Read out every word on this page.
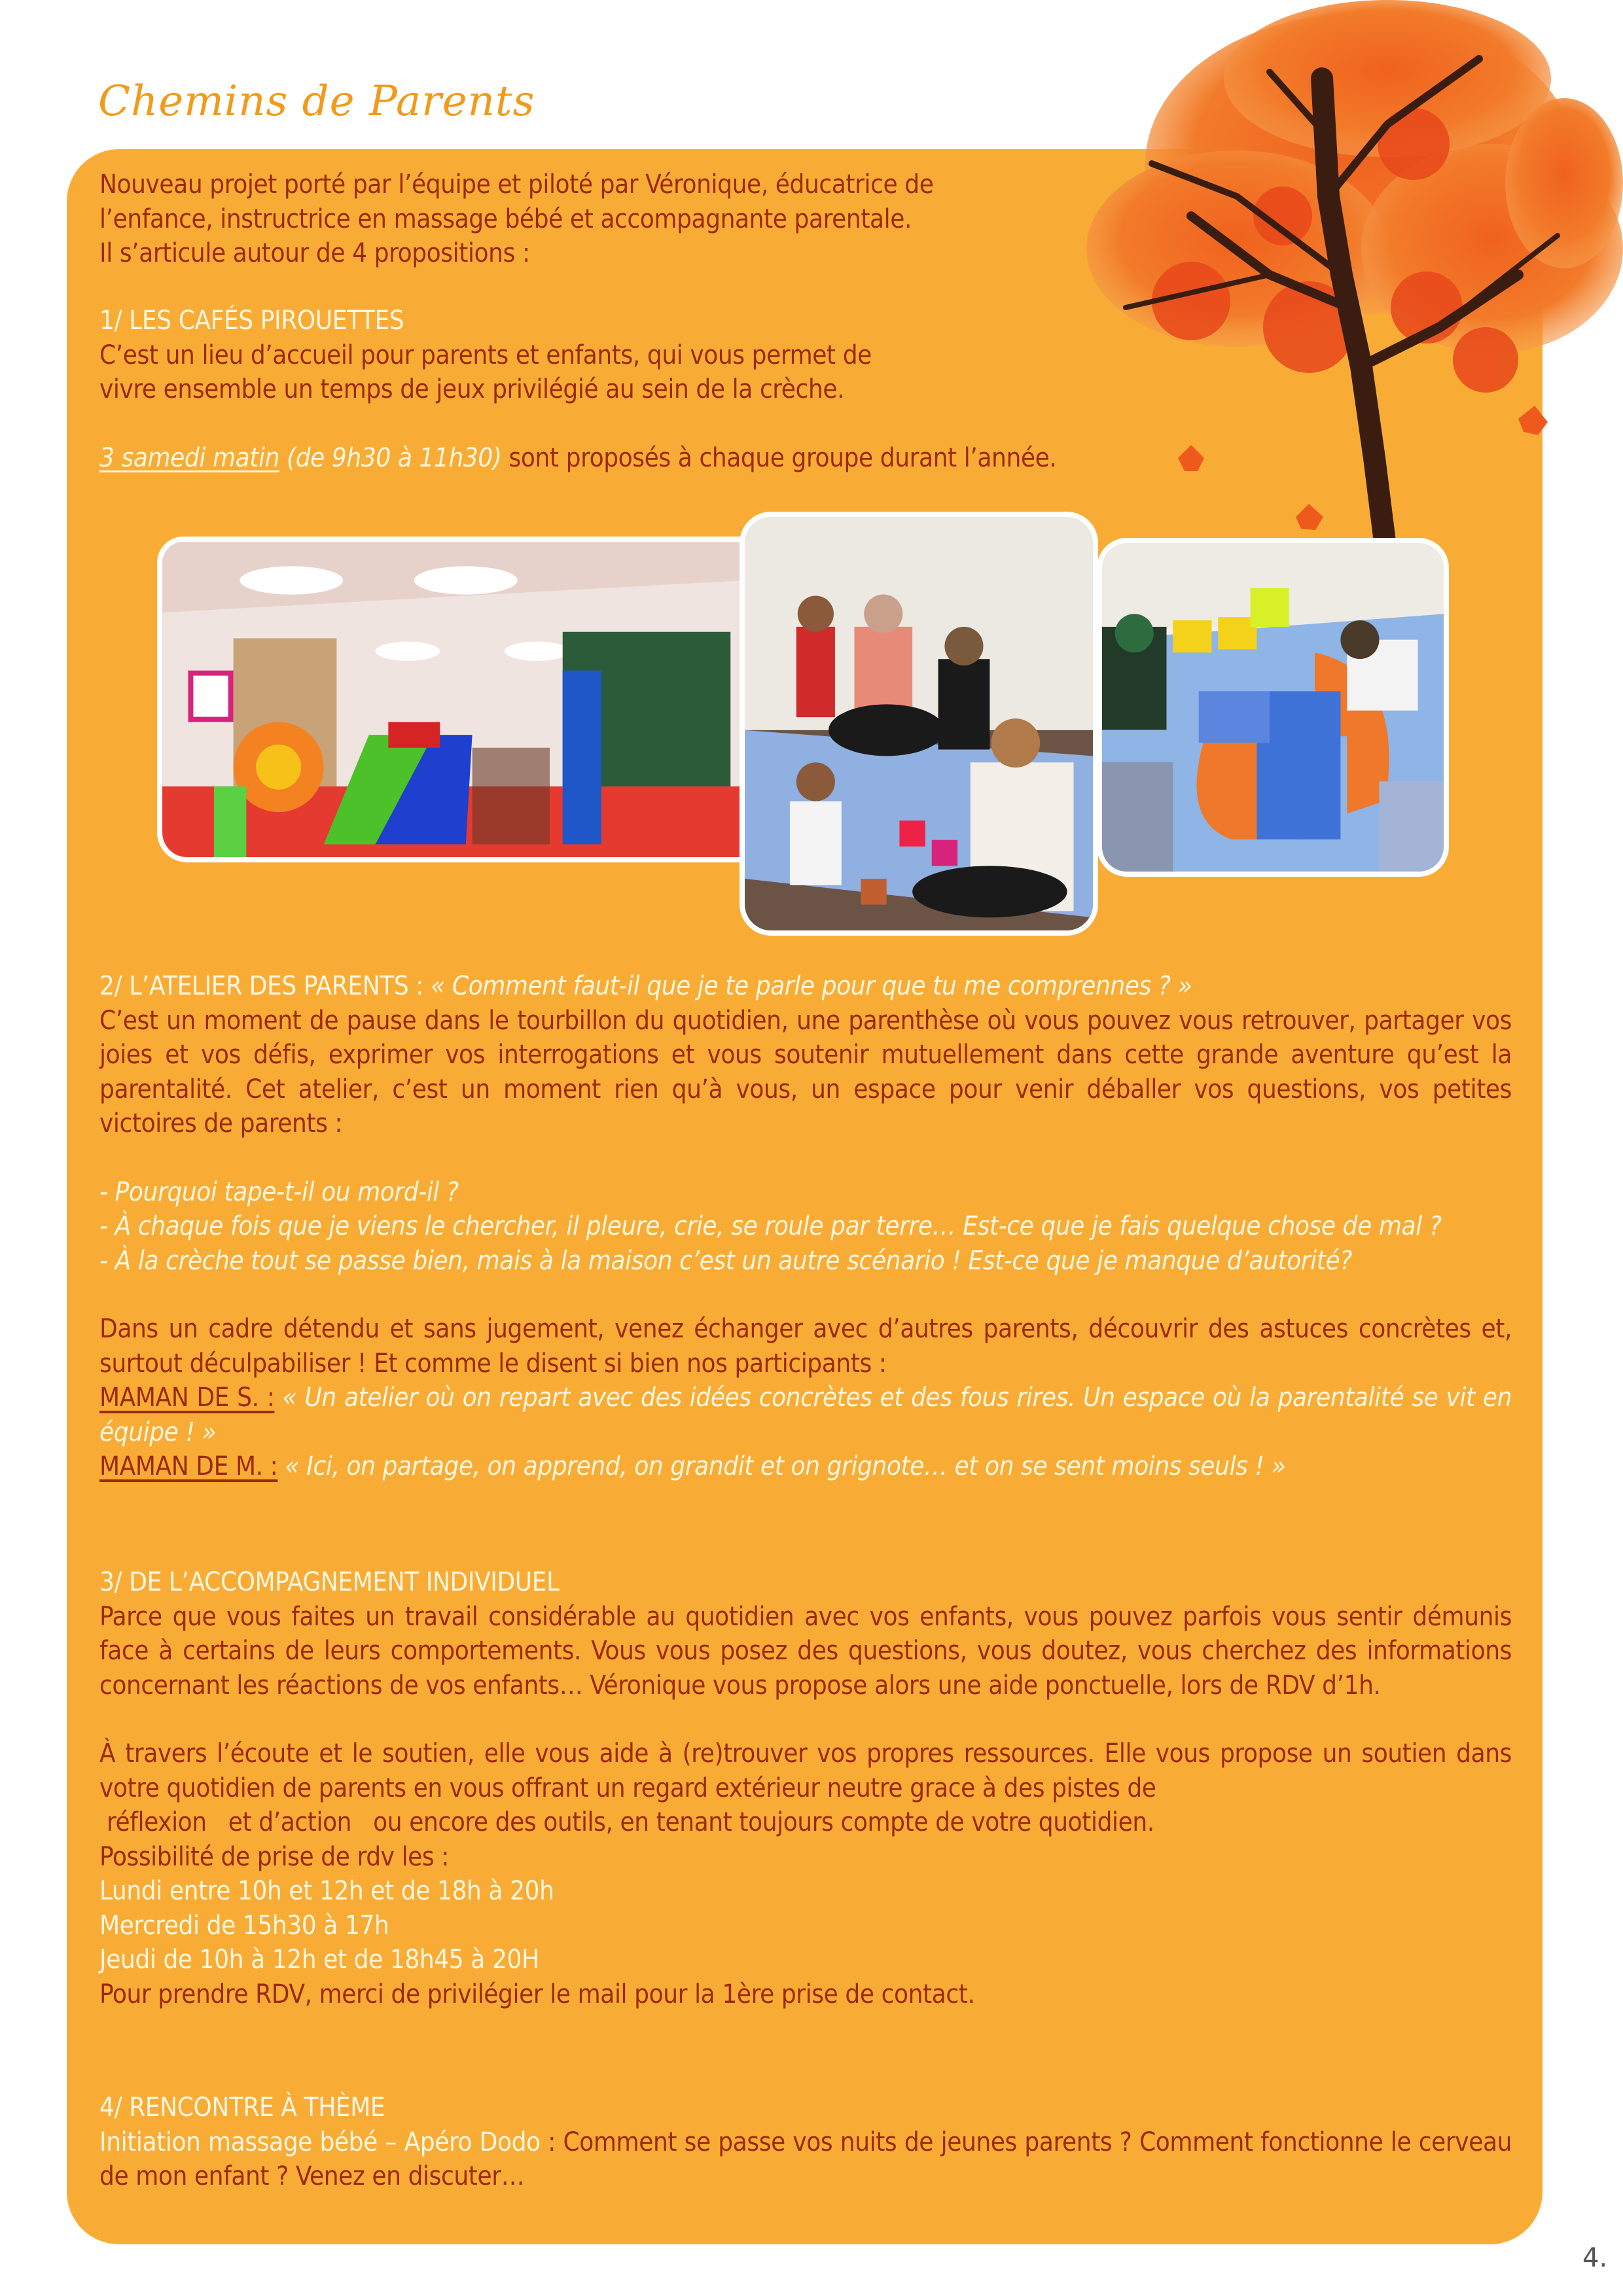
Chemins de Parents
Nouveau projet porté par l’équipe et piloté par Véronique, éducatrice de
l’enfance, instructrice en massage bébé et accompagnante parentale.
Il s’articule autour de 4 propositions :
1/ LES CAFÉS PIROUETTES
C’est un lieu d’accueil pour parents et enfants, qui vous permet de
vivre ensemble un temps de jeux privilégié au sein de la crèche.
3 samedi matin (de 9h30 à 11h30) sont proposés à chaque groupe durant l’année.
2/ L’ATELIER DES PARENTS : « Comment faut-il que je te parle pour que tu me comprennes ? »
C’est un moment de pause dans le tourbillon du quotidien, une parenthèse où vous pouvez vous retrouver, partager vos joies et vos défis, exprimer vos interrogations et vous soutenir mutuellement dans cette grande aventure qu’est la parentalité. Cet atelier, c’est un moment rien qu’à vous, un espace pour venir déballer vos questions, vos petites victoires de parents :
- Pourquoi tape-t-il ou mord-il ?
- À chaque fois que je viens le chercher, il pleure, crie, se roule par terre… Est-ce que je fais quelque chose de mal ?
- À la crèche tout se passe bien, mais à la maison c’est un autre scénario ! Est-ce que je manque d’autorité?
Dans un cadre détendu et sans jugement, venez échanger avec d’autres parents, découvrir des astuces concrètes et, surtout déculpabiliser ! Et comme le disent si bien nos participants :
MAMAN DE S. : « Un atelier où on repart avec des idées concrètes et des fous rires. Un espace où la parentalité se vit en équipe ! »
MAMAN DE M. : « Ici, on partage, on apprend, on grandit et on grignote… et on se sent moins seuls ! »
3/ DE L’ACCOMPAGNEMENT INDIVIDUEL
Parce que vous faites un travail considérable au quotidien avec vos enfants, vous pouvez parfois vous sentir démunis face à certains de leurs comportements. Vous vous posez des questions, vous doutez, vous cherchez des informations concernant les réactions de vos enfants… Véronique vous propose alors une aide ponctuelle, lors de RDV d’1h.
À travers l’écoute et le soutien, elle vous aide à (re)trouver vos propres ressources. Elle vous propose un soutien dans votre quotidien de parents en vous offrant un regard extérieur neutre grace à des pistes de
réflexion   et d’action   ou encore des outils, en tenant toujours compte de votre quotidien.
Possibilité de prise de rdv les :
Lundi entre 10h et 12h et de 18h à 20h
Mercredi de 15h30 à 17h
Jeudi de 10h à 12h et de 18h45 à 20H
Pour prendre RDV, merci de privilégier le mail pour la 1ère prise de contact.
4/ RENCONTRE À THÈME
Initiation massage bébé – Apéro Dodo : Comment se passe vos nuits de jeunes parents ? Comment fonctionne le cerveau de mon enfant ? Venez en discuter…
4.
